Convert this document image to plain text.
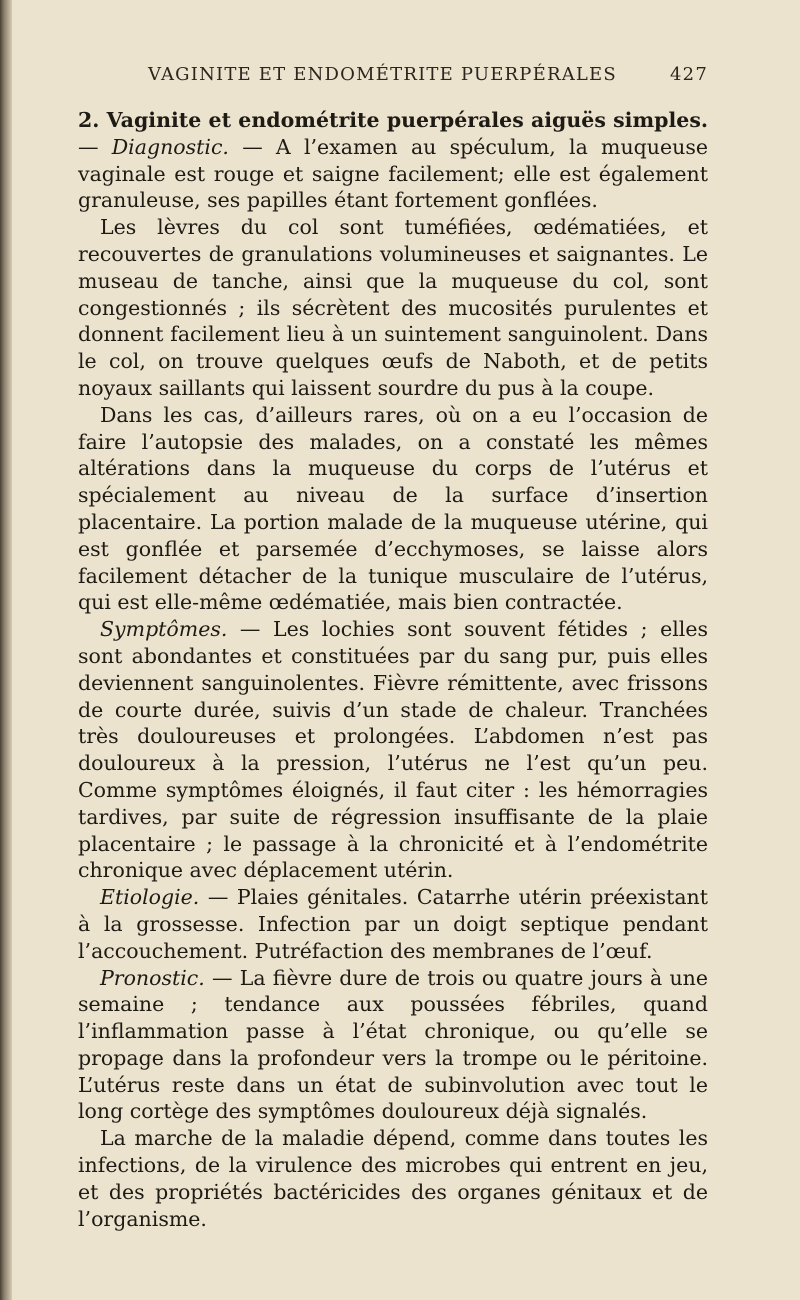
VAGINITE ET ENDOMÉTRITE PUERPÉRALES	427

2. Vaginite et endométrite puerpérales aiguës simples. — Diagnostic. — A l’examen au spéculum, la muqueuse vaginale est rouge et saigne facilement; elle est également granuleuse, ses papilles étant fortement gonflées.

Les lèvres du col sont tuméfiées, œdématiées, et recouvertes de granulations volumineuses et saignantes. Le museau de tanche, ainsi que la muqueuse du col, sont congestionnés ; ils sécrètent des mucosités purulentes et donnent facilement lieu à un suintement sanguinolent. Dans le col, on trouve quelques œufs de Naboth, et de petits noyaux saillants qui laissent sourdre du pus à la coupe.

Dans les cas, d’ailleurs rares, où on a eu l’occasion de faire l’autopsie des malades, on a constaté les mêmes altérations dans la muqueuse du corps de l’utérus et spécialement au niveau de la surface d’insertion placentaire. La portion malade de la muqueuse utérine, qui est gonflée et parsemée d’ecchymoses, se laisse alors facilement détacher de la tunique musculaire de l’utérus, qui est elle-même œdématiée, mais bien contractée.

Symptômes. — Les lochies sont souvent fétides ; elles sont abondantes et constituées par du sang pur, puis elles deviennent sanguinolentes. Fièvre rémittente, avec frissons de courte durée, suivis d’un stade de chaleur. Tranchées très douloureuses et prolongées. L’abdomen n’est pas douloureux à la pression, l’utérus ne l’est qu’un peu. Comme symptômes éloignés, il faut citer : les hémorragies tardives, par suite de régression insuffisante de la plaie placentaire ; le passage à la chronicité et à l’endométrite chronique avec déplacement utérin.

Etiologie. — Plaies génitales. Catarrhe utérin préexistant à la grossesse. Infection par un doigt septique pendant l’accouchement. Putréfaction des membranes de l’œuf.

Pronostic. — La fièvre dure de trois ou quatre jours à une semaine ; tendance aux poussées fébriles, quand l’inflammation passe à l’état chronique, ou qu’elle se propage dans la profondeur vers la trompe ou le péritoine. L’utérus reste dans un état de subinvolution avec tout le long cortège des symptômes douloureux déjà signalés.

La marche de la maladie dépend, comme dans toutes les infections, de la virulence des microbes qui entrent en jeu, et des propriétés bactéricides des organes génitaux et de l’organisme.
